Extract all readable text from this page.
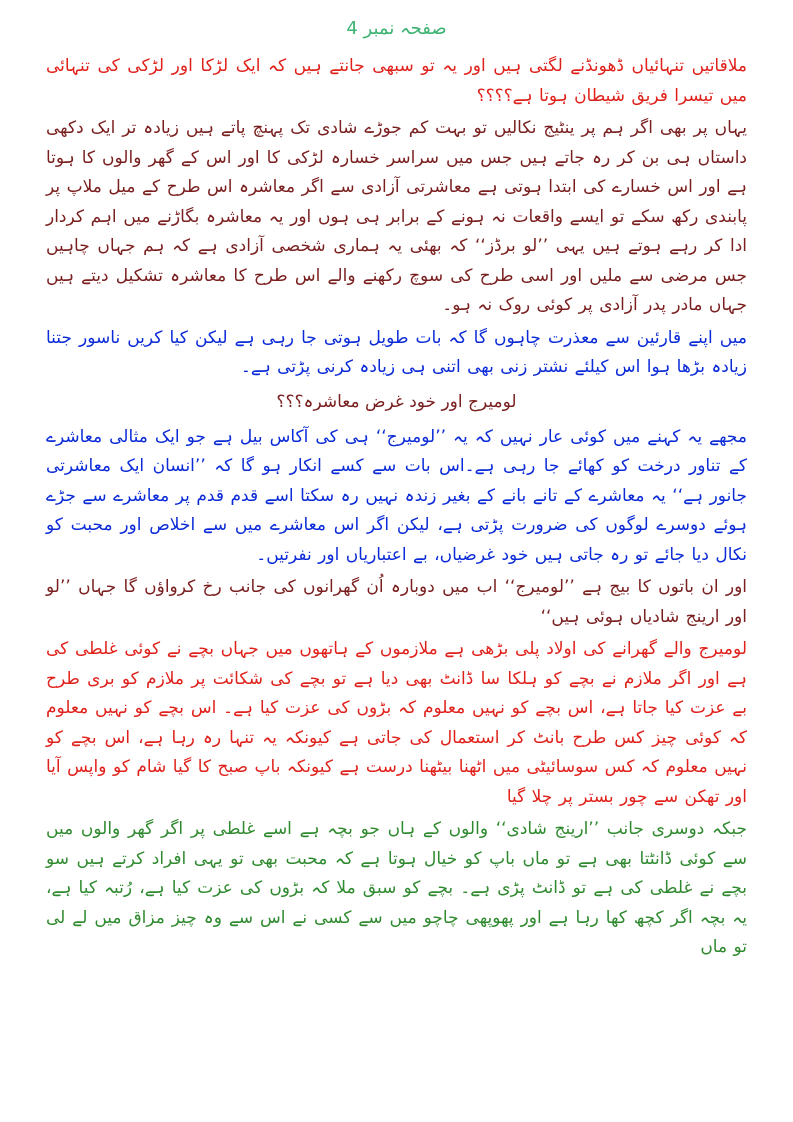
صفحہ نمبر 4

ملاقاتیں تنہائیاں ڈھونڈنے لگتی ہیں اور یہ تو سبھی جانتے ہیں کہ ایک لڑکا اور لڑکی کی تنہائی میں تیسرا فریق شیطان ہوتا ہے؟؟؟؟

یہاں پر بھی اگر ہم پر ینٹیج نکالیں تو بہت کم جوڑے شادی تک پہنچ پاتے ہیں زیادہ تر ایک دکھی داستاں ہی بن کر رہ جاتے ہیں جس میں سراسر خسارہ لڑکی کا اور اس کے گھر والوں کا ہوتا ہے اور اس خسارے کی ابتدا ہوتی ہے معاشرتی آزادی سے اگر معاشرہ اس طرح کے میل ملاپ پر پابندی رکھ سکے تو ایسے واقعات نہ ہونے کے برابر ہی ہوں اور یہ معاشرہ بگاڑنے میں اہم کردار ادا کر رہے ہوتے ہیں یہی ’’لو برڈز‘‘ کہ بھئی یہ ہماری شخصی آزادی ہے کہ ہم جہاں چاہیں جس مرضی سے ملیں اور اسی طرح کی سوچ رکھنے والے اس طرح کا معاشرہ تشکیل دیتے ہیں جہاں مادر پدر آزادی پر کوئی روک نہ ہو۔

میں اپنے قارئین سے معذرت چاہوں گا کہ بات طویل ہوتی جا رہی ہے لیکن کیا کریں ناسور جتنا زیادہ بڑھا ہوا اس کیلئے نشتر زنی بھی اتنی ہی زیادہ کرنی پڑتی ہے۔

لومیرج اور خود غرض معاشرہ؟؟؟

مجھے یہ کہنے میں کوئی عار نہیں کہ یہ ’’لومیرج‘‘ ہی کی آکاس بیل ہے جو ایک مثالی معاشرے کے تناور درخت کو کھائے جا رہی ہے۔اس بات سے کسے انکار ہو گا کہ ’’انسان ایک معاشرتی جانور ہے‘‘ یہ معاشرے کے تانے بانے کے بغیر زندہ نہیں رہ سکتا اسے قدم قدم پر معاشرے سے جڑے ہوئے دوسرے لوگوں کی ضرورت پڑتی ہے، لیکن اگر اس معاشرے میں سے اخلاص اور محبت کو نکال دیا جائے تو رہ جاتی ہیں خود غرضیاں، بے اعتباریاں اور نفرتیں۔

اور ان باتوں کا بیج ہے ’’لومیرج‘‘ اب میں دوبارہ اُن گھرانوں کی جانب رخ کرواؤں گا جہاں ’’لو اور ارینج شادیاں ہوئی ہیں‘‘

لومیرج والے گھرانے کی اولاد پلی بڑھی ہے ملازموں کے ہاتھوں میں جہاں بچے نے کوئی غلطی کی ہے اور اگر ملازم نے بچے کو ہلکا سا ڈانٹ بھی دیا ہے تو بچے کی شکائت پر ملازم کو بری طرح بے عزت کیا جاتا ہے، اس بچے کو نہیں معلوم کہ بڑوں کی عزت کیا ہے۔ اس بچے کو نہیں معلوم کہ کوئی چیز کس طرح بانٹ کر استعمال کی جاتی ہے کیونکہ یہ تنہا رہ رہا ہے، اس بچے کو نہیں معلوم کہ کس سوسائیٹی میں اٹھنا بیٹھنا درست ہے کیونکہ باپ صبح کا گیا شام کو واپس آیا اور تھکن سے چور بستر پر چلا گیا

جبکہ دوسری جانب ’’ارینج شادی‘‘ والوں کے ہاں جو بچہ ہے اسے غلطی پر اگر گھر والوں میں سے کوئی ڈانٹتا بھی ہے تو ماں باپ کو خیال ہوتا ہے کہ محبت بھی تو یہی افراد کرتے ہیں سو بچے نے غلطی کی ہے تو ڈانٹ پڑی ہے۔ بچے کو سبق ملا کہ بڑوں کی عزت کیا ہے، رُتبہ کیا ہے، یہ بچہ اگر کچھ کھا رہا ہے اور پھوپھی چاچو میں سے کسی نے اس سے وہ چیز مزاق میں لے لی تو ماں
